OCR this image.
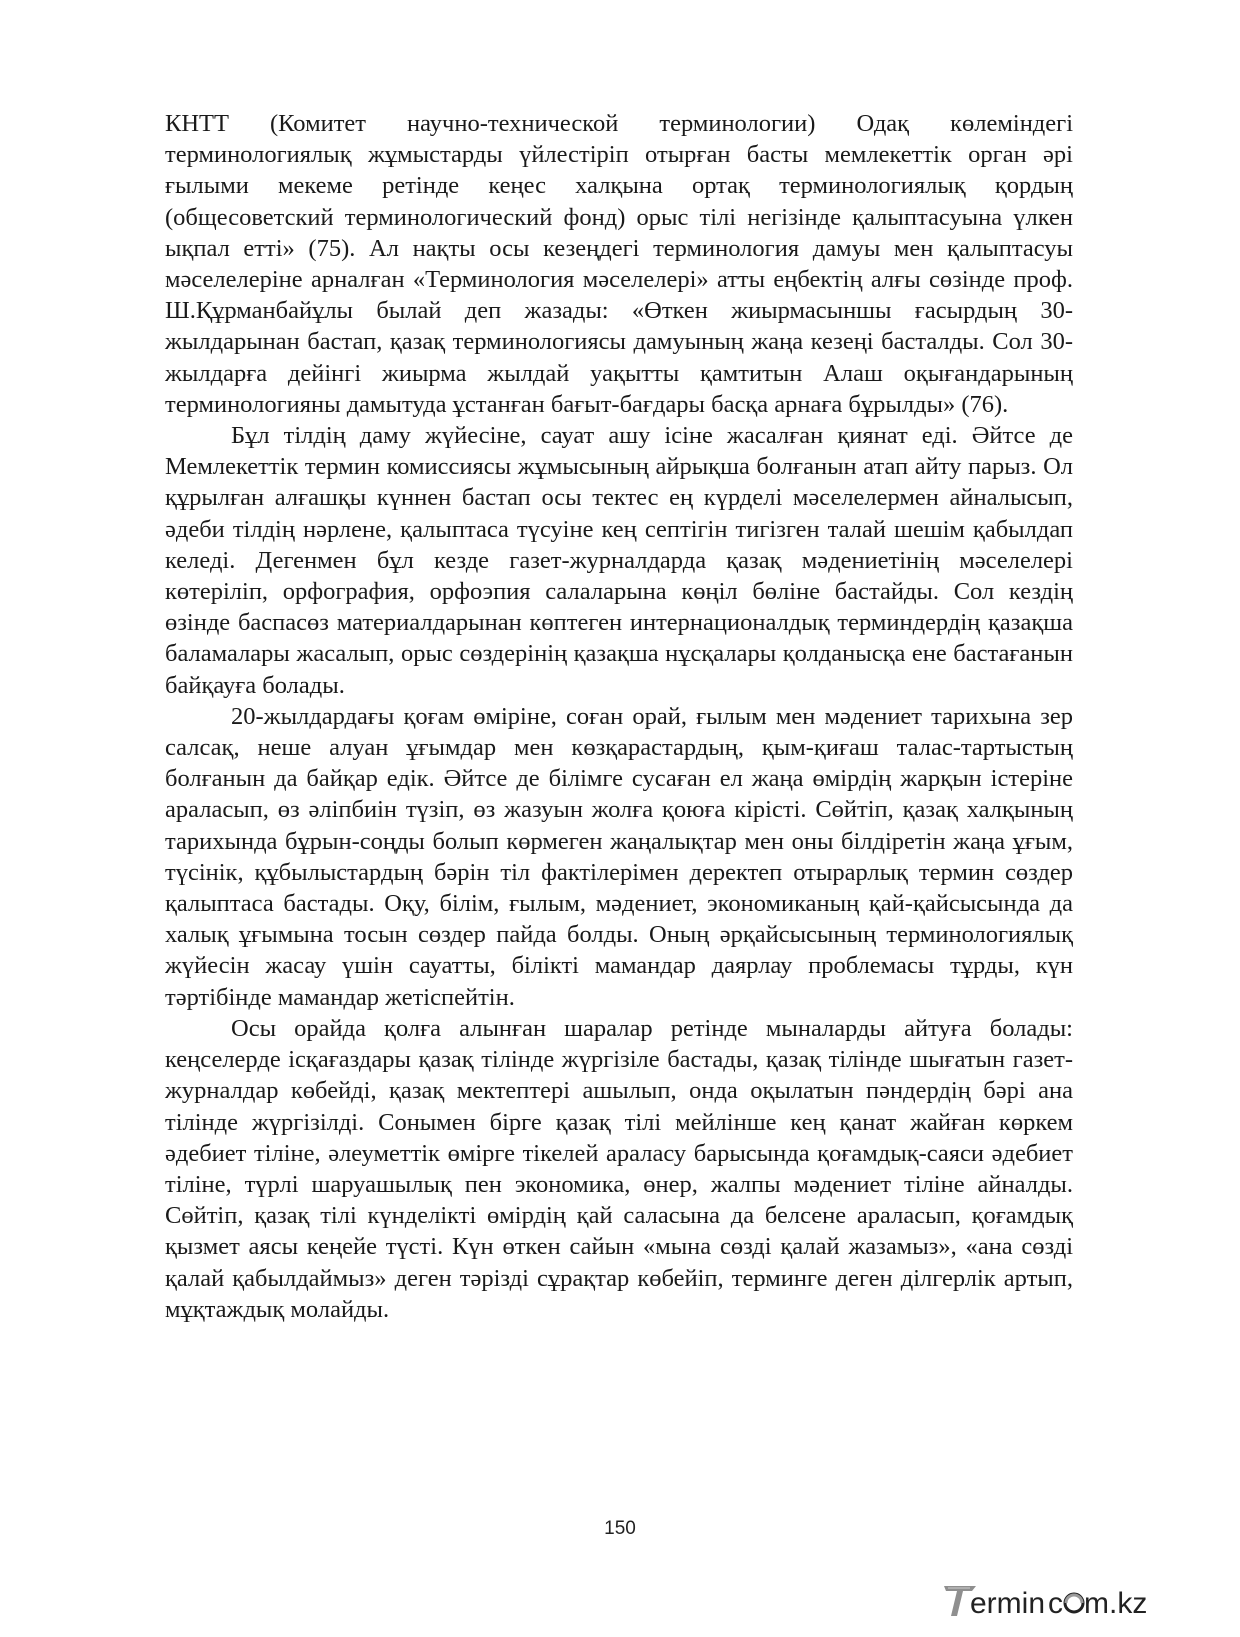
КНТТ (Комитет научно-технической терминологии) Одақ көлеміндегі терминологиялық жұмыстарды үйлестіріп отырған басты мемлекеттік орган әрі ғылыми мекеме ретінде кеңес халқына ортақ терминологиялық қордың (общесоветский терминологический фонд) орыс тілі негізінде қалыптасуына үлкен ықпал етті» (75). Ал нақты осы кезеңдегі терминология дамуы мен қалыптасуы мәселелеріне арналған «Терминология мәселелері» атты еңбектің алғы сөзінде проф. Ш.Құрманбайұлы былай деп жазады: «Өткен жиырмасыншы ғасырдың 30-жылдарынан бастап, қазақ терминологиясы дамуының жаңа кезеңі басталды. Сол 30-жылдарға дейінгі жиырма жылдай уақытты қамтитын Алаш оқығандарының терминологияны дамытуда ұстанған бағыт-бағдары басқа арнаға бұрылды» (76).

Бұл тілдің даму жүйесіне, сауат ашу ісіне жасалған қиянат еді. Әйтсе де Мемлекеттік термин комиссиясы жұмысының айрықша болғанын атап айту парыз. Ол құрылған алғашқы күннен бастап осы тектес ең күрделі мәселелермен айналысып, әдеби тілдің нәрлене, қалыптаса түсуіне кең септігін тигізген талай шешім қабылдап келеді. Дегенмен бұл кезде газет-журналдарда қазақ мәдениетінің мәселелері көтеріліп, орфография, орфоэпия салаларына көңіл бөліне бастайды. Сол кездің өзінде баспасөз материалдарынан көптеген интернационалдық терминдердің қазақша баламалары жасалып, орыс сөздерінің қазақша нұсқалары қолданысқа ене бастағанын байқауға болады.

20-жылдардағы қоғам өміріне, соған орай, ғылым мен мәдениет тарихына зер салсақ, неше алуан ұғымдар мен көзқарастардың, қым-қиғаш талас-тартыстың болғанын да байқар едік. Әйтсе де білімге сусаған ел жаңа өмірдің жарқын істеріне араласып, өз әліпбиін түзіп, өз жазуын жолға қоюға кірісті. Сөйтіп, қазақ халқының тарихында бұрын-соңды болып көрмеген жаңалықтар мен оны білдіретін жаңа ұғым, түсінік, құбылыстардың бәрін тіл фактілерімен деректеп отырарлық термин сөздер қалыптаса бастады. Оқу, білім, ғылым, мәдениет, экономиканың қай-қайсысында да халық ұғымына тосын сөздер пайда болды. Оның әрқайсысының терминологиялық жүйесін жасау үшін сауатты, білікті мамандар даярлау проблемасы тұрды, күн тәртібінде мамандар жетіспейтін.

Осы орайда қолға алынған шаралар ретінде мыналарды айтуға болады: кеңселерде ісқағаздары қазақ тілінде жүргізіле бастады, қазақ тілінде шығатын газет-журналдар көбейді, қазақ мектептері ашылып, онда оқылатын пәндердің бәрі ана тілінде жүргізілді. Сонымен бірге қазақ тілі мейлінше кең қанат жайған көркем әдебиет тіліне, әлеуметтік өмірге тікелей араласу барысында қоғамдық-саяси әдебиет тіліне, түрлі шаруашылық пен экономика, өнер, жалпы мәдениет тіліне айналды. Сөйтіп, қазақ тілі күнделікті өмірдің қай саласына да белсене араласып, қоғамдық қызмет аясы кеңейе түсті. Күн өткен сайын «мына сөзді қалай жазамыз», «ана сөзді қалай қабылдаймыз» деген тәрізді сұрақтар көбейіп, терминге деген ділгерлік артып, мұқтаждық молайды.

150
ermin c m.kz
